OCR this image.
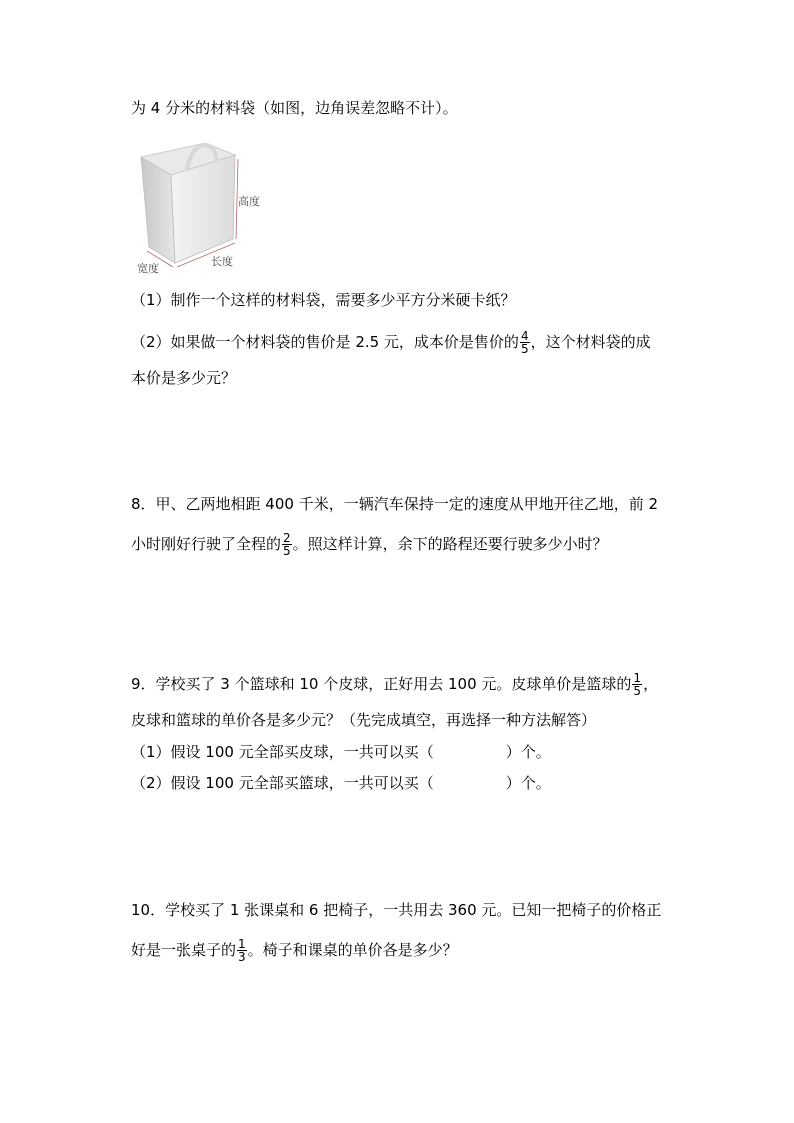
为 4 分米的材料袋（如图，边角误差忽略不计）。
高度
长度
宽度
（1）制作一个这样的材料袋，需要多少平方分米硬卡纸？
（2）如果做一个材料袋的售价是 2.5 元，成本价是售价的 $\frac{4}{5}$ ，这个材料袋的成
本价是多少元？
8．甲、乙两地相距 400 千米，一辆汽车保持一定的速度从甲地开往乙地，前 2
小时刚好行驶了全程的 $\frac{2}{5}$ 。照这样计算，余下的路程还要行驶多少小时？
9．学校买了 3 个篮球和 10 个皮球，正好用去 100 元。皮球单价是篮球的 $\frac{1}{5}$ ，
皮球和篮球的单价各是多少元？（先完成填空，再选择一种方法解答）
（1）假设 100 元全部买皮球，一共可以买（	）个。
（2）假设 100 元全部买篮球，一共可以买（	）个。
10．学校买了 1 张课桌和 6 把椅子，一共用去 360 元。已知一把椅子的价格正
好是一张桌子的 $\frac{1}{3}$ 。椅子和课桌的单价各是多少？
